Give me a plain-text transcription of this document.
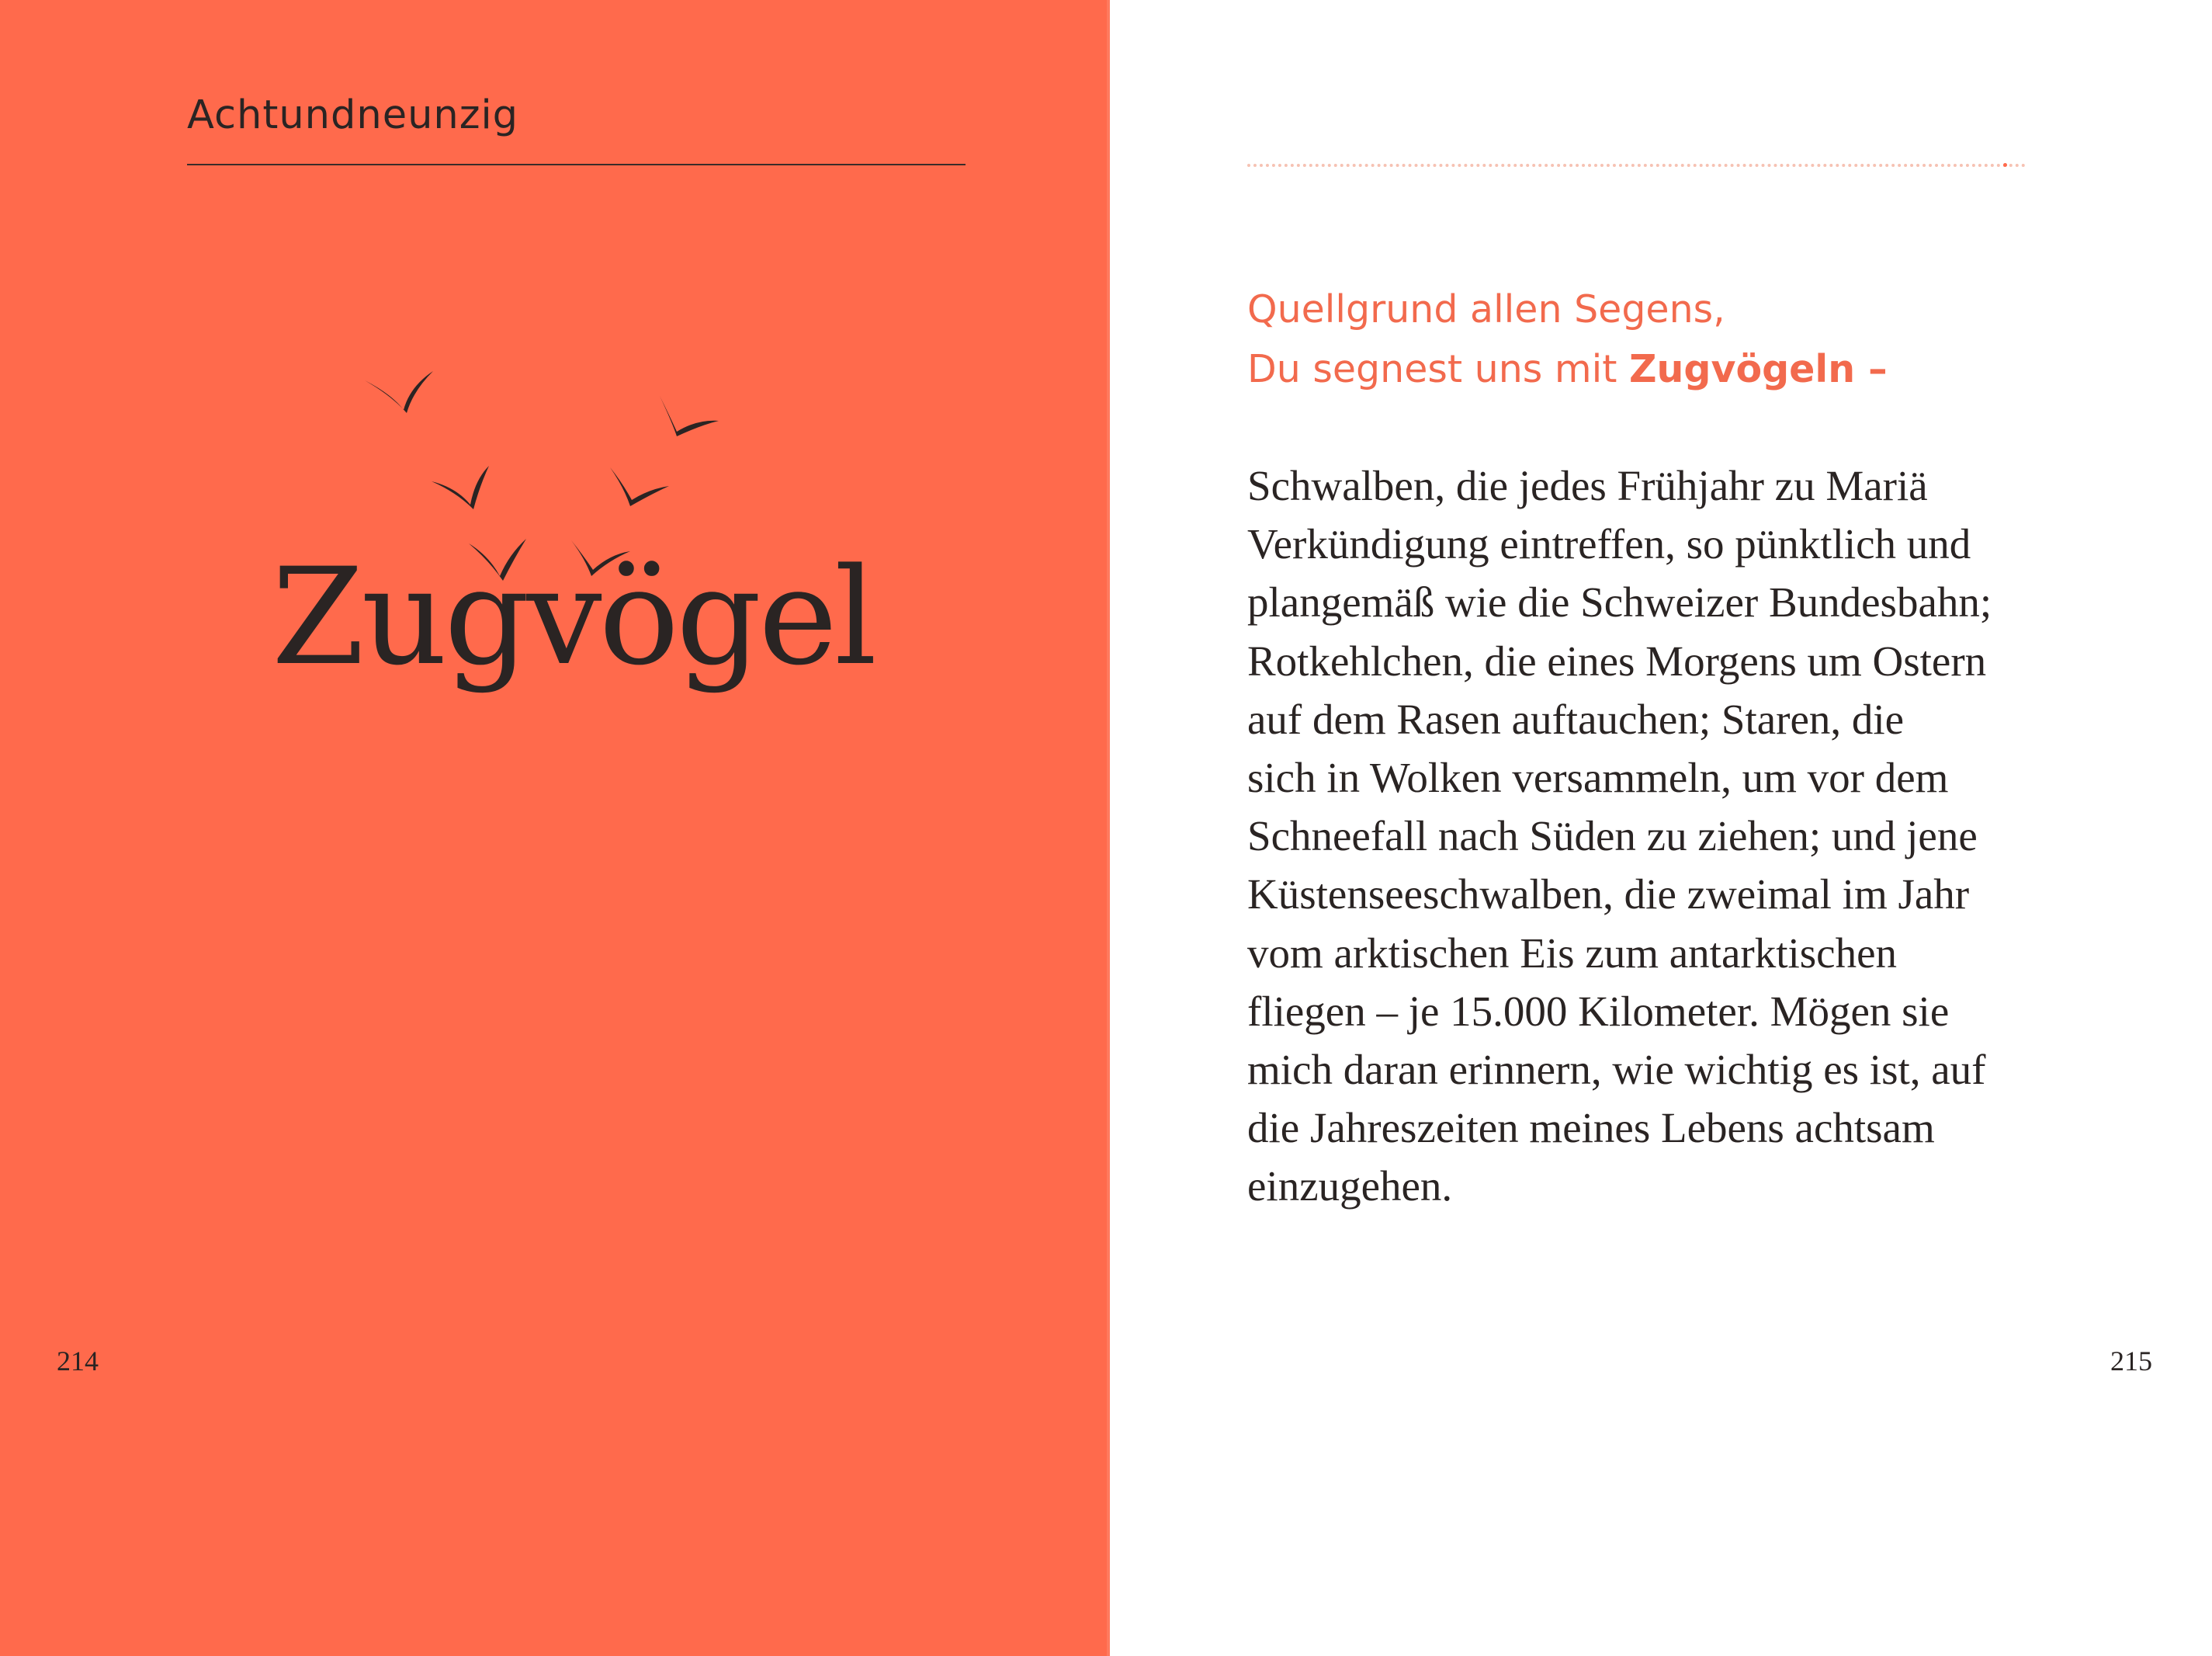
Achtundneunzig
Zugvögel
214

Quellgrund allen Segens,
Du segnest uns mit Zugvögeln –

Schwalben, die jedes Frühjahr zu Mariä
Verkündigung eintreffen, so pünktlich und
plangemäß wie die Schweizer Bundesbahn;
Rotkehlchen, die eines Morgens um Ostern
auf dem Rasen auftauchen; Staren, die
sich in Wolken versammeln, um vor dem
Schneefall nach Süden zu ziehen; und jene
Küstenseeschwalben, die zweimal im Jahr
vom arktischen Eis zum antarktischen
fliegen – je 15.000 Kilometer. Mögen sie
mich daran erinnern, wie wichtig es ist, auf
die Jahreszeiten meines Lebens achtsam
einzugehen.

215
